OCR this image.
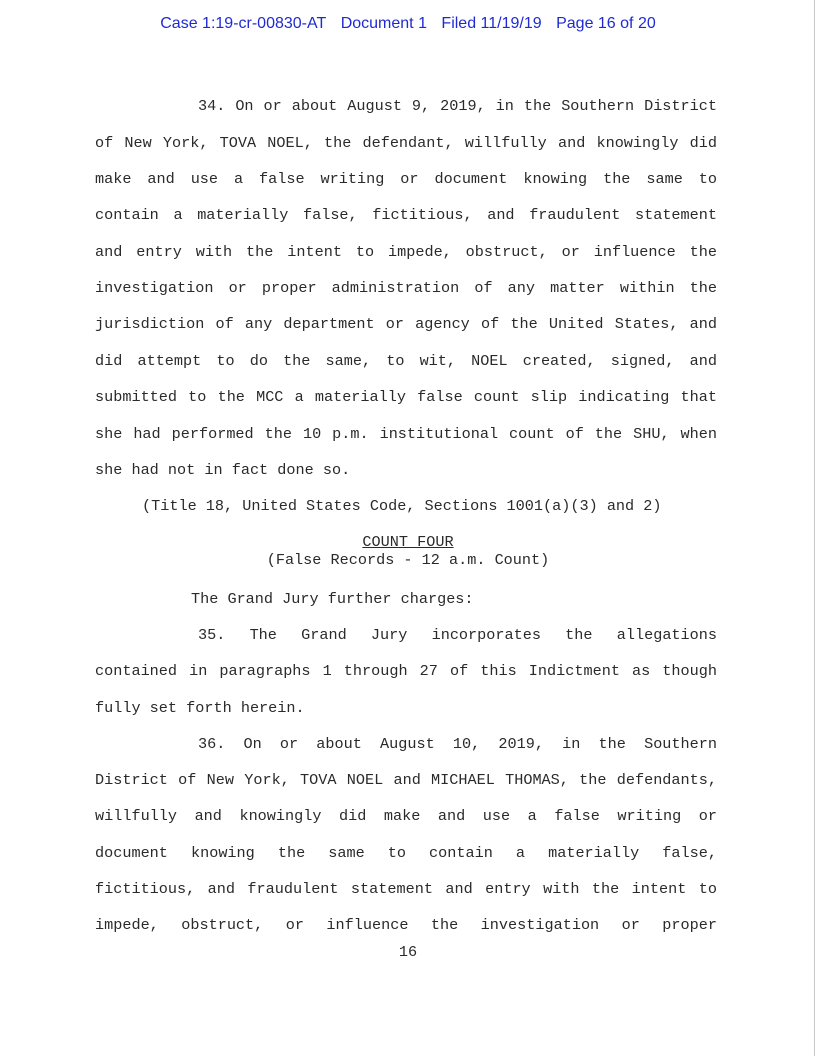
Case 1:19-cr-00830-AT Document 1 Filed 11/19/19 Page 16 of 20
34. On or about August 9, 2019, in the Southern District
of New York, TOVA NOEL, the defendant, willfully and knowingly did
make and use a false writing or document knowing the same to
contain a materially false, fictitious, and fraudulent statement
and entry with the intent to impede, obstruct, or influence the
investigation or proper administration of any matter within the
jurisdiction of any department or agency of the United States, and
did attempt to do the same, to wit, NOEL created, signed, and
submitted to the MCC a materially false count slip indicating that
she had performed the 10 p.m. institutional count of the SHU, when
she had not in fact done so.
(Title 18, United States Code, Sections 1001(a)(3) and 2)
COUNT FOUR
(False Records - 12 a.m. Count)
The Grand Jury further charges:
35. The Grand Jury incorporates the allegations
contained in paragraphs 1 through 27 of this Indictment as though
fully set forth herein.
36. On or about August 10, 2019, in the Southern
District of New York, TOVA NOEL and MICHAEL THOMAS, the defendants,
willfully and knowingly did make and use a false writing or
document knowing the same to contain a materially false,
fictitious, and fraudulent statement and entry with the intent to
impede, obstruct, or influence the investigation or proper
16
